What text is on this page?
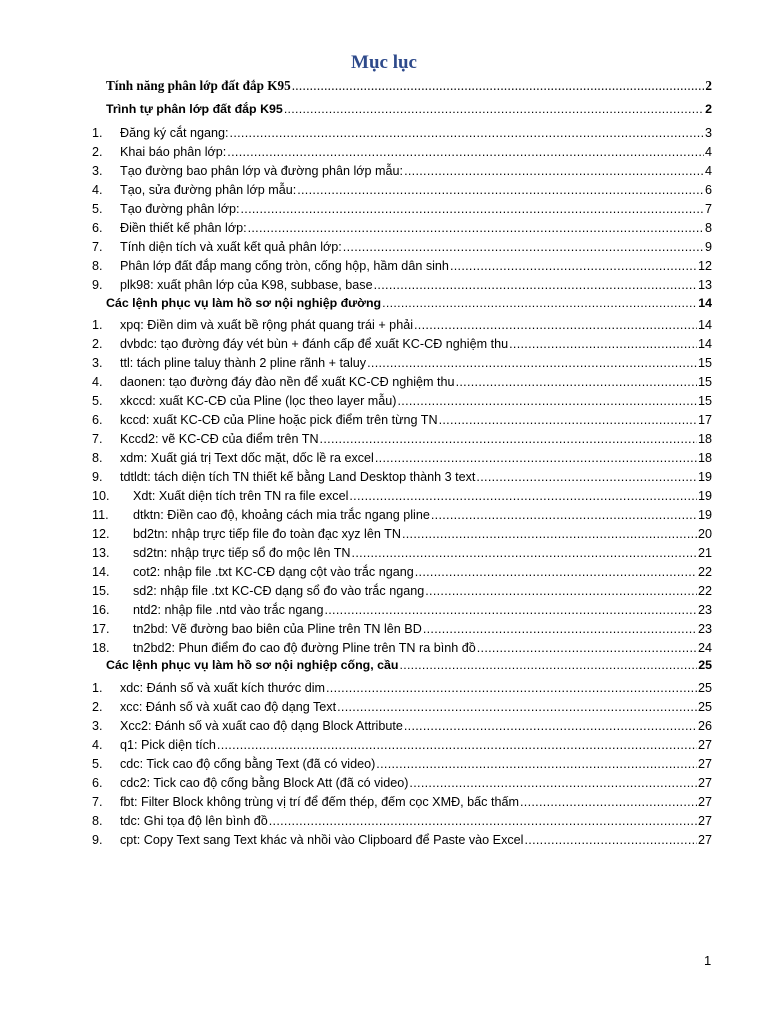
Mục lục
Tính năng phân lớp đất đắp K95 .....	2
Trình tự phân lớp đất đắp K95 .....	2
1. Đăng ký cắt ngang: .....	3
2. Khai báo phân lớp: .....	4
3. Tạo đường bao phân lớp và đường phân lớp mẫu: .....	4
4. Tạo, sửa đường phân lớp mẫu: .....	6
5. Tạo đường phân lớp: .....	7
6. Điền thiết kế phân lớp: .....	8
7. Tính diện tích và xuất kết quả phân lớp: .....	9
8. Phân lớp đất đắp mang cống tròn, cống hộp, hầm dân sinh .....	12
9. plk98: xuất phân lớp của K98, subbase, base .....	13
Các lệnh phục vụ làm hồ sơ nội nghiệp đường .....	14
1. xpq: Điền dim và xuất bề rộng phát quang trái + phải .....	14
2. dvbdc: tạo đường đáy vét bùn + đánh cấp để xuất KC-CĐ nghiệm thu .....	14
3. ttl: tách pline taluy thành 2 pline rãnh + taluy .....	15
4. daonen: tạo đường đáy đào nền để xuất KC-CĐ nghiệm thu .....	15
5. xkccd: xuất KC-CĐ của Pline (lọc theo layer mẫu) .....	15
6. kccd: xuất KC-CĐ của Pline hoặc pick điểm trên từng TN .....	17
7. Kccd2: vẽ KC-CĐ của điểm trên TN .....	18
8. xdm: Xuất giá trị Text dốc mặt, dốc lề ra excel .....	18
9. tdtldt: tách diện tích TN thiết kế bằng Land Desktop thành 3 text .....	19
10. Xdt: Xuất diện tích trên TN ra file excel .....	19
11. dtktn: Điền cao độ, khoảng cách mia trắc ngang pline .....	19
12. bd2tn: nhập trực tiếp file đo toàn đạc xyz lên TN .....	20
13. sd2tn: nhập trực tiếp sổ đo mộc lên TN .....	21
14. cot2: nhập file .txt KC-CĐ dạng cột vào trắc ngang .....	22
15. sd2: nhập file .txt KC-CĐ dạng sổ đo vào trắc ngang .....	22
16. ntd2: nhập file .ntd vào trắc ngang .....	23
17. tn2bd: Vẽ đường bao biên của Pline trên TN lên BD .....	23
18. tn2bd2: Phun điểm đo cao độ đường Pline trên TN ra bình đồ .....	24
Các lệnh phục vụ làm hồ sơ nội nghiệp cống, cầu .....	25
1. xdc: Đánh số và xuất kích thước dim .....	25
2. xcc: Đánh số và xuất cao độ dạng Text .....	25
3. Xcc2: Đánh số và xuất cao độ dạng Block Attribute .....	26
4. q1: Pick diện tích .....	27
5. cdc: Tick cao độ cống bằng Text (đã có video) .....	27
6. cdc2: Tick cao độ cống bằng Block Att (đã có video) .....	27
7. fbt: Filter Block không trùng vị trí để đếm thép, đếm cọc XMĐ, bấc thấm .....	27
8. tdc: Ghi tọa độ lên bình đồ .....	27
9. cpt: Copy Text sang Text khác và nhồi vào Clipboard để Paste vào Excel .....	27
1
